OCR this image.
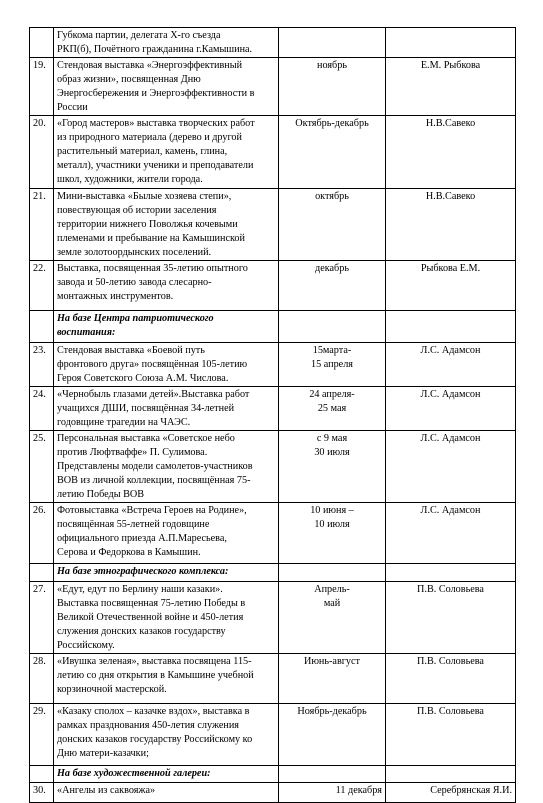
	Губкома партии, делегата Х-го съезда
РКП(б), Почётного гражданина г.Камышина.		
19.	Стендовая выставка «Энергоэффективный
образ жизни», посвященная Дню
Энергосбережения и Энергоэффективности в
России	ноябрь	Е.М. Рыбкова
20.	«Город мастеров» выставка творческих работ
из природного материала (дерево и другой
растительный материал, камень, глина,
металл), участники ученики и преподаватели
школ, художники, жители города.	Октябрь-декабрь	Н.В.Савеко
21.	Мини-выставка «Былые хозяева степи»,
повествующая об истории заселения
территории нижнего Поволжья кочевыми
племенами и пребывание на Камышинской
земле золотоордынских поселений.	октябрь	Н.В.Савеко
22.	Выставка, посвященная 35-летию опытного
завода и 50-летию завода слесарно-
монтажных инструментов.	декабрь	Рыбкова Е.М.
	На базе Центра патриотического
воспитания:		
23.	Стендовая выставка «Боевой путь
фронтового друга» посвящённая 105-летию
Героя Советского Союза А.М. Числова.	15марта-
15 апреля	Л.С. Адамсон
24.	«Чернобыль глазами детей».Выставка работ
учащихся ДШИ, посвящённая 34-летней
годовщине трагедии на ЧАЭС.	24 апреля-
25 мая	Л.С. Адамсон
25.	Персональная выставка «Советское небо
против Люфтваффе» П. Сулимова.
Представлены модели самолетов-участников
ВОВ из личной коллекции, посвящённая 75-
летию Победы ВОВ	с 9 мая
30 июля	Л.С. Адамсон
26.	Фотовыставка «Встреча Героев на Родине»,
посвящённая 55-летней годовщине
официального приезда А.П.Маресьева,
Серова и Федоркова в Камышин.	10 июня –
10 июля	Л.С. Адамсон
	На базе этнографического комплекса:		
27.	«Едут, едут по Берлину наши казаки».
Выставка посвященная 75-летию Победы в
Великой Отечественной войне и 450-летия
служения донских казаков государству
Российскому.	Апрель-
май	П.В. Соловьева
28.	«Ивушка зеленая», выставка посвящена 115-
летию со дня открытия в Камышине учебной
корзиночной мастерской.	Июнь-август	П.В. Соловьева
29.	«Казаку сполох – казачке вздох», выставка в
рамках празднования 450-летия служения
донских казаков государству Российскому ко
Дню матери-казачки;	Ноябрь-декабрь	П.В. Соловьева
	На базе художественной галереи:		
30.	«Ангелы из саквояжа»	11 декабря	Серебрянская Я.И.
